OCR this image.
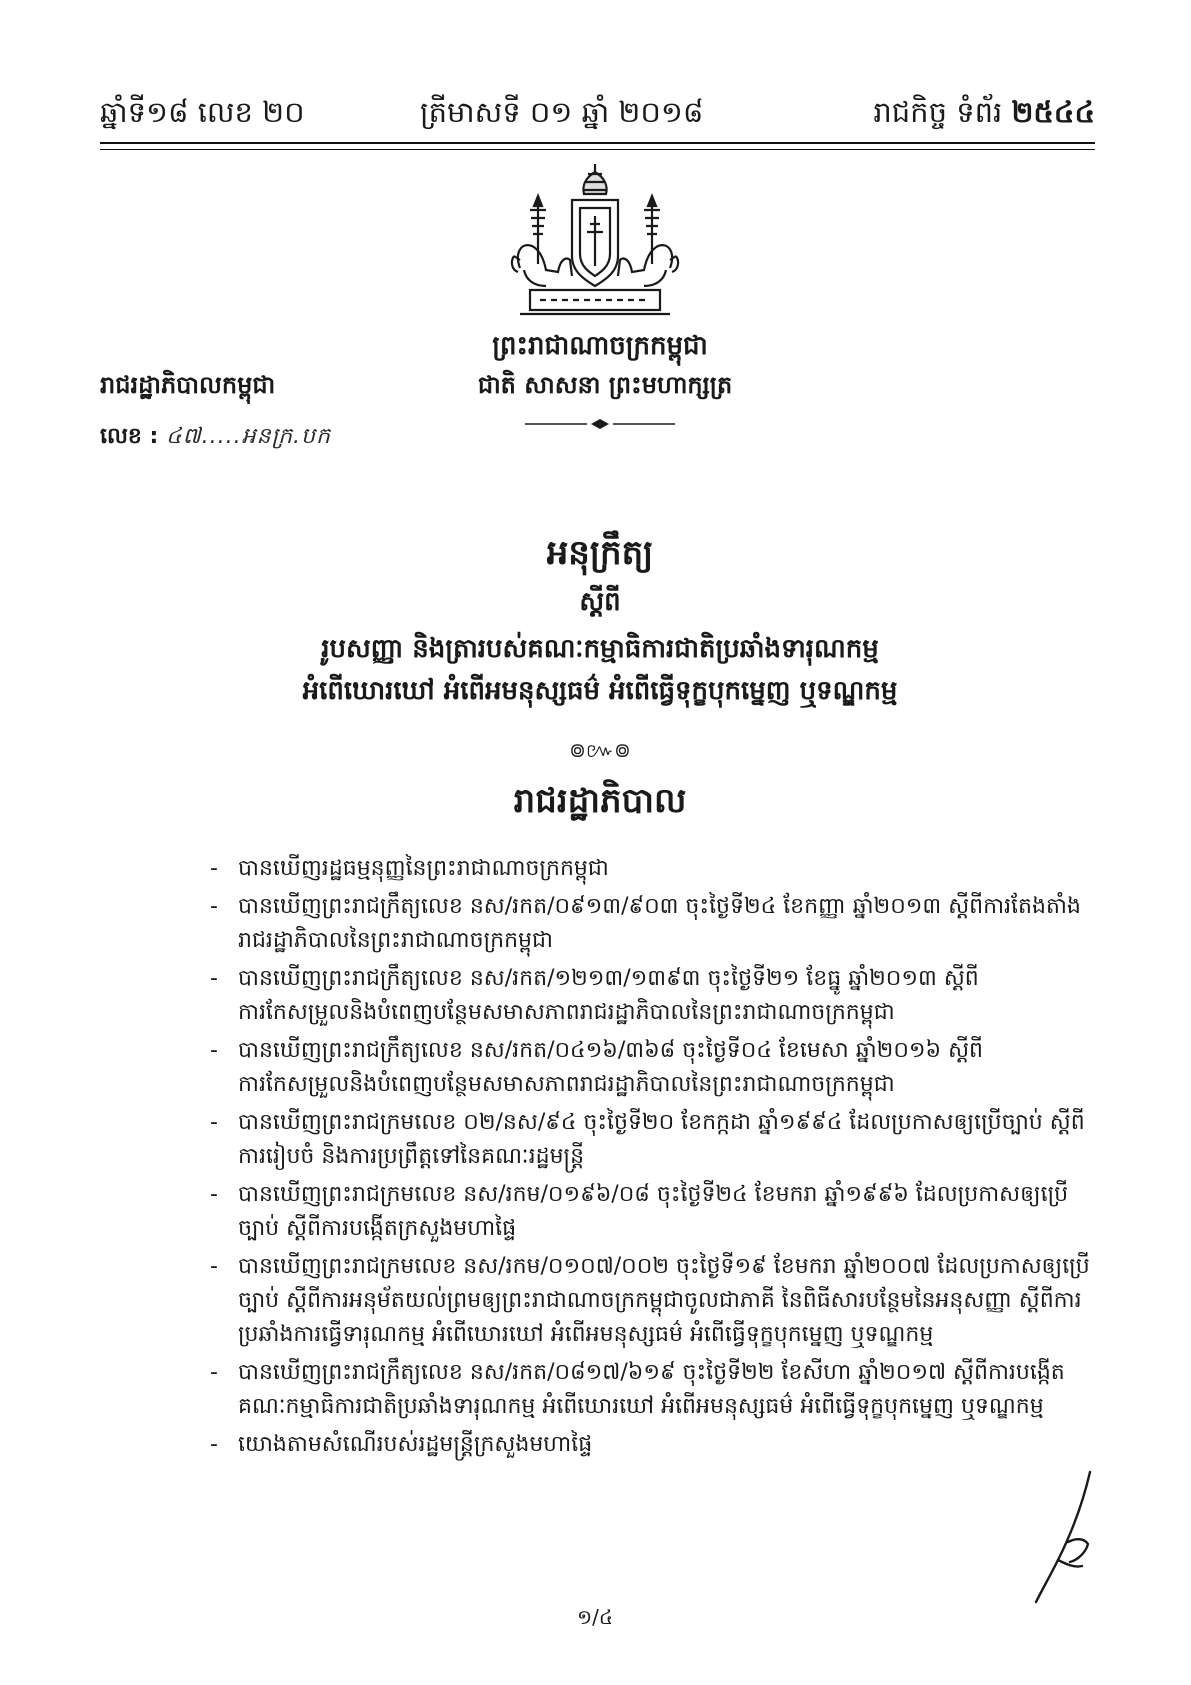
ឆ្នាំទី១៨ លេខ ២០	ត្រីមាសទី ០១ ឆ្នាំ ២០១៨	រាជកិច្ច ទំព័រ ២៥៤៤
ព្រះរាជាណាចក្រកម្ពុជា
ជាតិ សាសនា ព្រះមហាក្សត្រ
រាជរដ្ឋាភិបាលកម្ពុជា
លេខ : ៤៧.....អនក្រ.បក
អនុក្រឹត្យ
ស្តីពី
រូបសញ្ញា និងត្រារបស់គណៈកម្មាធិការជាតិប្រឆាំងទារុណកម្ម
អំពើឃោរឃៅ អំពើអមនុស្សធម៌ អំពើធ្វើទុក្ខបុកម្នេញ ឬទណ្ឌកម្ម
៙៚៙
រាជរដ្ឋាភិបាល
- បានឃើញរដ្ឋធម្មនុញ្ញនៃព្រះរាជាណាចក្រកម្ពុជា
- បានឃើញព្រះរាជក្រឹត្យលេខ នស/រកត/០៩១៣/៩០៣ ចុះថ្ងៃទី២៤ ខែកញ្ញា ឆ្នាំ២០១៣ ស្តីពីការតែងតាំងរាជរដ្ឋាភិបាលនៃព្រះរាជាណាចក្រកម្ពុជា
- បានឃើញព្រះរាជក្រឹត្យលេខ នស/រកត/១២១៣/១៣៩៣ ចុះថ្ងៃទី២១ ខែធ្នូ ឆ្នាំ២០១៣ ស្តីពីការកែសម្រួលនិងបំពេញបន្ថែមសមាសភាពរាជរដ្ឋាភិបាលនៃព្រះរាជាណាចក្រកម្ពុជា
- បានឃើញព្រះរាជក្រឹត្យលេខ នស/រកត/០៤១៦/៣៦៨ ចុះថ្ងៃទី០៤ ខែមេសា ឆ្នាំ២០១៦ ស្តីពីការកែសម្រួលនិងបំពេញបន្ថែមសមាសភាពរាជរដ្ឋាភិបាលនៃព្រះរាជាណាចក្រកម្ពុជា
- បានឃើញព្រះរាជក្រមលេខ ០២/នស/៩៤ ចុះថ្ងៃទី២០ ខែកក្កដា ឆ្នាំ១៩៩៤ ដែលប្រកាសឲ្យប្រើច្បាប់ ស្តីពីការរៀបចំ និងការប្រព្រឹត្តទៅនៃគណៈរដ្ឋមន្ត្រី
- បានឃើញព្រះរាជក្រមលេខ នស/រកម/០១៩៦/០៨ ចុះថ្ងៃទី២៤ ខែមករា ឆ្នាំ១៩៩៦ ដែលប្រកាសឲ្យប្រើច្បាប់ ស្តីពីការបង្កើតក្រសួងមហាផ្ទៃ
- បានឃើញព្រះរាជក្រមលេខ នស/រកម/០១០៧/០០២ ចុះថ្ងៃទី១៩ ខែមករា ឆ្នាំ២០០៧ ដែលប្រកាសឲ្យប្រើច្បាប់ ស្តីពីការអនុម័តយល់ព្រមឲ្យព្រះរាជាណាចក្រកម្ពុជាចូលជាភាគី នៃពិធីសារបន្ថែមនៃអនុសញ្ញា ស្តីពីការប្រឆាំងការធ្វើទារុណកម្ម អំពើឃោរឃៅ អំពើអមនុស្សធម៌ អំពើធ្វើទុក្ខបុកម្នេញ ឬទណ្ឌកម្ម
- បានឃើញព្រះរាជក្រឹត្យលេខ នស/រកត/០៨១៧/៦១៩ ចុះថ្ងៃទី២២ ខែសីហា ឆ្នាំ២០១៧ ស្តីពីការបង្កើតគណៈកម្មាធិការជាតិប្រឆាំងទារុណកម្ម អំពើឃោរឃៅ អំពើអមនុស្សធម៌ អំពើធ្វើទុក្ខបុកម្នេញ ឬទណ្ឌកម្ម
- យោងតាមសំណើរបស់រដ្ឋមន្ត្រីក្រសួងមហាផ្ទៃ
១/៤
